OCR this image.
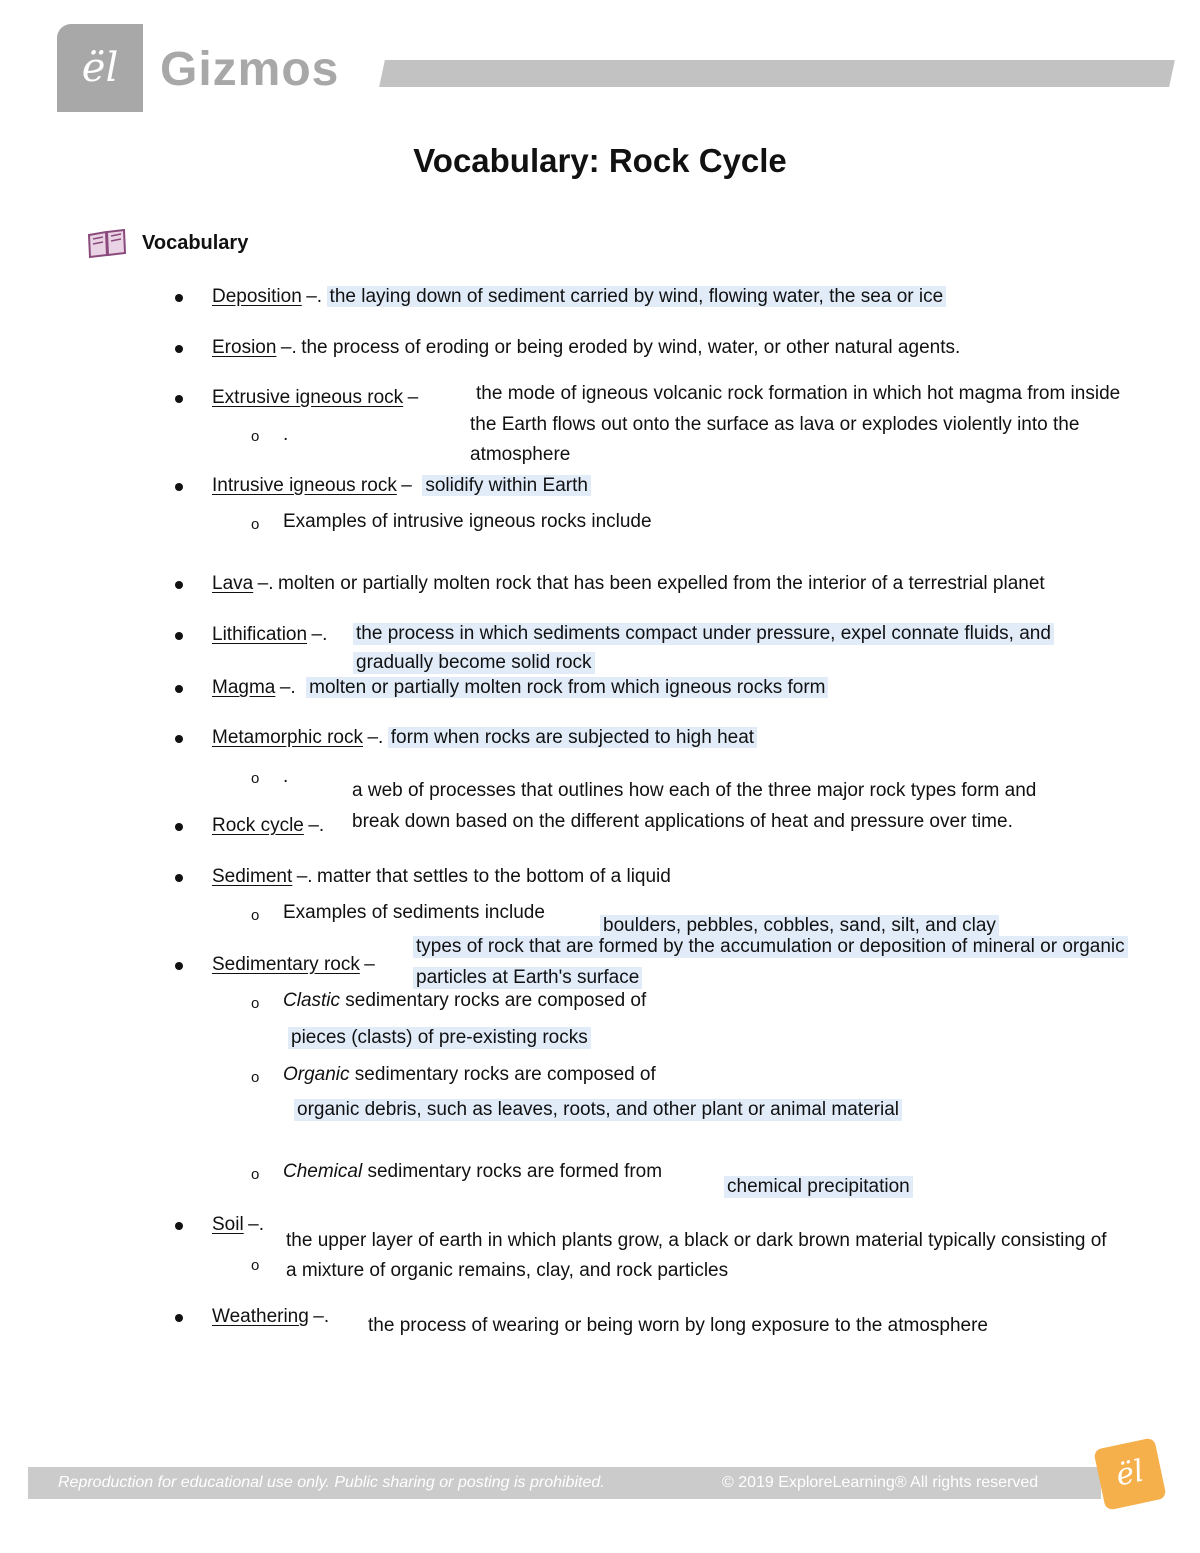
ël Gizmos
Vocabulary: Rock Cycle
Vocabulary
Deposition –. the laying down of sediment carried by wind, flowing water, the sea or ice
Erosion –. the process of eroding or being eroded by wind, water, or other natural agents.
Extrusive igneous rock –	the mode of igneous volcanic rock formation in which hot magma from inside
the Earth flows out onto the surface as lava or explodes violently into the
atmosphere
o .
Intrusive igneous rock – solidify within Earth
o Examples of intrusive igneous rocks include
Lava –. molten or partially molten rock that has been expelled from the interior of a terrestrial planet
Lithification –. the process in which sediments compact under pressure, expel connate fluids, and
gradually become solid rock
Magma –. molten or partially molten rock from which igneous rocks form
Metamorphic rock –. form when rocks are subjected to high heat
o .
a web of processes that outlines how each of the three major rock types form and
Rock cycle –. break down based on the different applications of heat and pressure over time.
Sediment –. matter that settles to the bottom of a liquid
o Examples of sediments include
boulders, pebbles, cobbles, sand, silt, and clay
types of rock that are formed by the accumulation or deposition of mineral or organic
Sedimentary rock –
particles at Earth's surface
o Clastic sedimentary rocks are composed of
pieces (clasts) of pre-existing rocks
o Organic sedimentary rocks are composed of
organic debris, such as leaves, roots, and other plant or animal material
o Chemical sedimentary rocks are formed from
chemical precipitation
Soil –.
the upper layer of earth in which plants grow, a black or dark brown material typically consisting of
o a mixture of organic remains, clay, and rock particles
Weathering –. the process of wearing or being worn by long exposure to the atmosphere
Reproduction for educational use only. Public sharing or posting is prohibited.	© 2019 ExploreLearning® All rights reserved	ël
